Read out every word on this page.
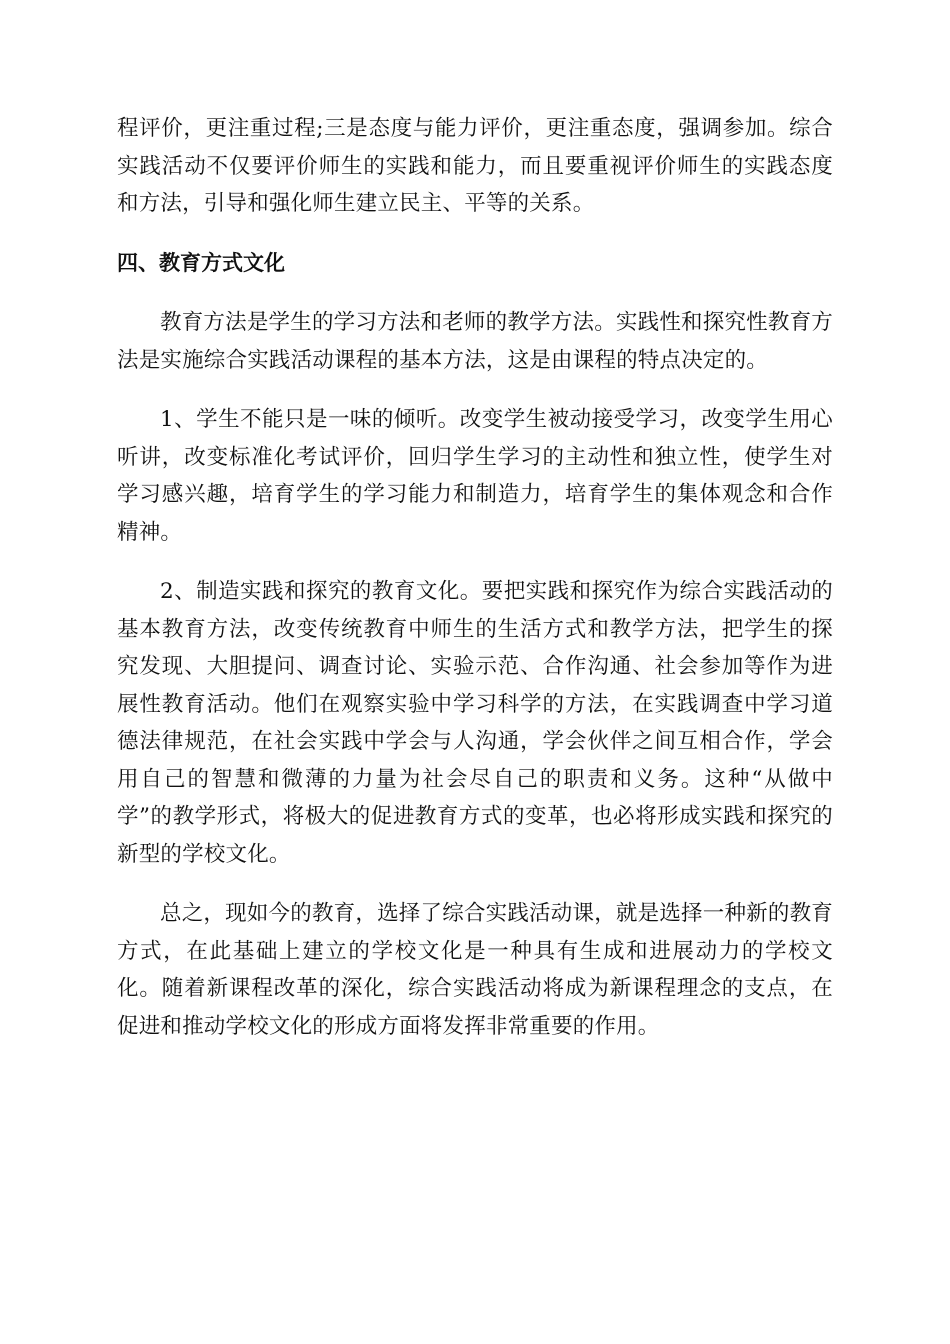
程评价，更注重过程;三是态度与能力评价，更注重态度，强调参加。综合实践活动不仅要评价师生的实践和能力，而且要重视评价师生的实践态度和方法，引导和强化师生建立民主、平等的关系。

四、教育方式文化

教育方法是学生的学习方法和老师的教学方法。实践性和探究性教育方法是实施综合实践活动课程的基本方法，这是由课程的特点决定的。

1、学生不能只是一味的倾听。改变学生被动接受学习，改变学生用心听讲，改变标准化考试评价，回归学生学习的主动性和独立性，使学生对学习感兴趣，培育学生的学习能力和制造力，培育学生的集体观念和合作精神。

2、制造实践和探究的教育文化。要把实践和探究作为综合实践活动的基本教育方法，改变传统教育中师生的生活方式和教学方法，把学生的探究发现、大胆提问、调查讨论、实验示范、合作沟通、社会参加等作为进展性教育活动。他们在观察实验中学习科学的方法，在实践调查中学习道德法律规范，在社会实践中学会与人沟通，学会伙伴之间互相合作，学会用自己的智慧和微薄的力量为社会尽自己的职责和义务。这种“从做中学”的教学形式，将极大的促进教育方式的变革，也必将形成实践和探究的新型的学校文化。

总之，现如今的教育，选择了综合实践活动课，就是选择一种新的教育方式，在此基础上建立的学校文化是一种具有生成和进展动力的学校文化。随着新课程改革的深化，综合实践活动将成为新课程理念的支点，在促进和推动学校文化的形成方面将发挥非常重要的作用。
